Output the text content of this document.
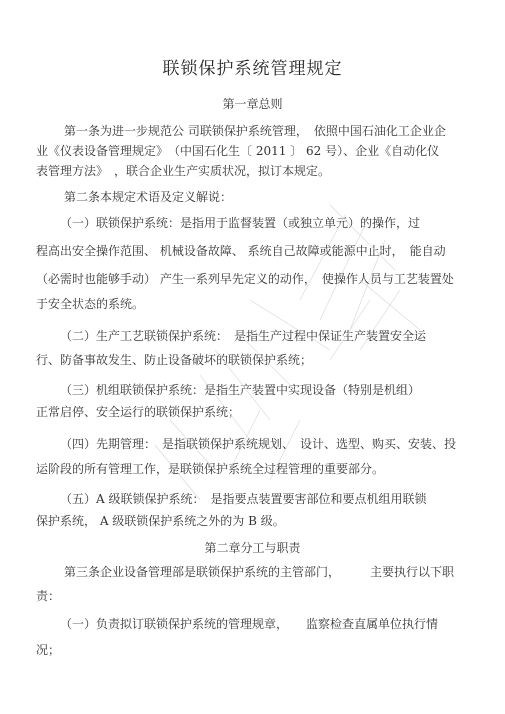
联锁保护系统管理规定
第一章总则
第一条为进一步规范公 司联锁保护系统管理，　依照中国石油化工企业企
业《仪表设备管理规定》　（中国石化生〔 2011 〕 62 号）、企业《自动化仪
表管理方法》　，联合企业生产实质状况，拟订本规定。
第二条本规定术语及定义解说：
（一）联锁保护系统：是指用于监督装置（或独立单元）的操作，过
程高出安全操作范围、 机械设备故障、 系统自己故障或能源中止时，　能自动
（必需时也能够手动） 产生一系列早先定义的动作，　使操作人员与工艺装置处
于安全状态的系统。
（二）生产工艺联锁保护系统：　是指生产过程中保证生产装置安全运
行、防备事故发生、防止设备破坏的联锁保护系统；
（三）机组联锁保护系统：是指生产装置中实现设备（特别是机组）
正常启停、安全运行的联锁保护系统；
（四）先期管理：　是指联锁保护系统规划、　设计、选型、购买、安装、投
运阶段的所有管理工作，是联锁保护系统全过程管理的重要部分。
（五）A 级联锁保护系统：　是指要点装置要害部位和要点机组用联锁
保护系统， A 级联锁保护系统之外的为 B 级。
第二章分工与职责
第三条企业设备管理部是联锁保护系统的主管部门，　　　主要执行以下职
责：
（一）负责拟订联锁保护系统的管理规章，　　监察检查直属单位执行情
况；
